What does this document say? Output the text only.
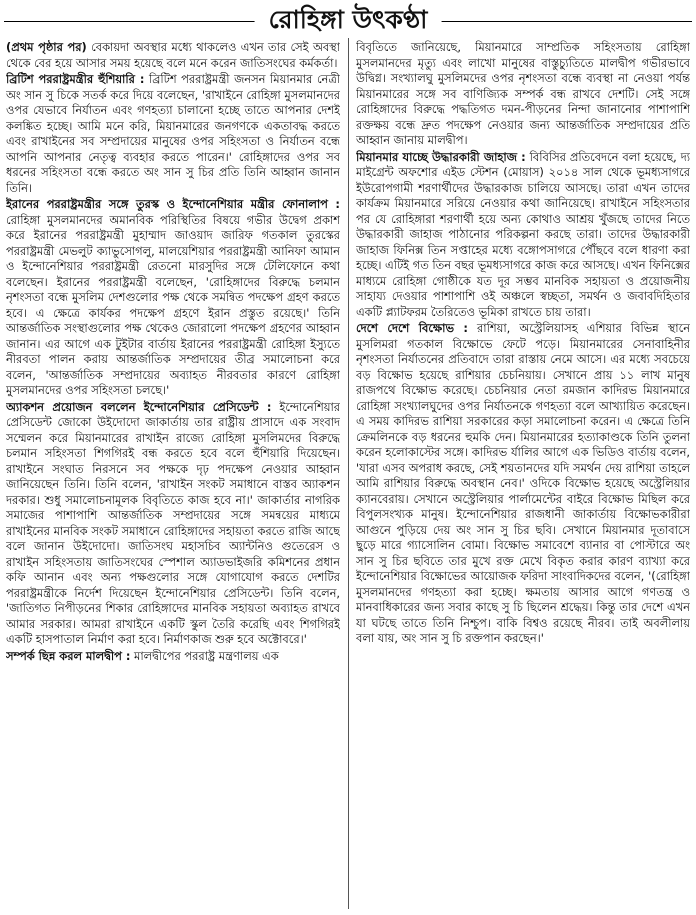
রোহিঙ্গা উৎকণ্ঠা

(প্রথম পৃষ্ঠার পর) বেকায়দা অবস্থার মধ্যে থাকলেও এখন তার সেই অবস্থা থেকে বের হয়ে আসার সময় হয়েছে বলে মনে করেন জাতিসংঘের কর্মকর্তা।

ব্রিটিশ পররাষ্ট্রমন্ত্রীর হুঁশিয়ারি : ব্রিটিশ পররাষ্ট্রমন্ত্রী জনসন মিয়ানমার নেত্রী অং সান সু চিকে সতর্ক করে দিয়ে বলেছেন, 'রাখাইনে রোহিঙ্গা মুসলমানদের ওপর যেভাবে নির্যাতন এবং গণহত্যা চালানো হচ্ছে তাতে আপনার দেশই কলঙ্কিত হচ্ছে। আমি মনে করি, মিয়ানমারের জনগণকে একতাবদ্ধ করতে এবং রাখাইনের সব সম্প্রদায়ের মানুষের ওপর সহিংসতা ও নির্যাতন বন্ধে আপনি আপনার নেতৃত্ব ব্যবহার করতে পারেন।' রোহিঙ্গাদের ওপর সব ধরনের সহিংসতা বন্ধে করতে অং সান সু চির প্রতি তিনি আহ্বান জানান তিনি।

ইরানের পররাষ্ট্রমন্ত্রীর সঙ্গে তুরস্ক ও ইন্দোনেশিয়ার মন্ত্রীর ফোনালাপ : রোহিঙ্গা মুসলমানদের অমানবিক পরিস্থিতির বিষয়ে গভীর উদ্বেগ প্রকাশ করে ইরানের পররাষ্ট্রমন্ত্রী মুহাম্মাদ জাওয়াদ জারিফ গতকাল তুরস্কের পররাষ্ট্রমন্ত্রী মেভলুট ক্যাভুসোগলু, মালয়েশিয়ার পররাষ্ট্রমন্ত্রী আনিফা আমান ও ইন্দোনেশিয়ার পররাষ্ট্রমন্ত্রী রেতনো মারসুদির সঙ্গে টেলিফোনে কথা বলেছেন। ইরানের পররাষ্ট্রমন্ত্রী বলেছেন, 'রোহিঙ্গাদের বিরুদ্ধে চলমান নৃশংসতা বন্ধে মুসলিম দেশগুলোর পক্ষ থেকে সমন্বিত পদক্ষেপ গ্রহণ করতে হবে। এ ক্ষেত্রে কার্যকর পদক্ষেপ গ্রহণে ইরান প্রস্তুত রয়েছে।' তিনি আন্তর্জাতিক সংস্থাগুলোর পক্ষ থেকেও জোরালো পদক্ষেপ গ্রহণের আহ্বান জানান। এর আগে এক টুইটার বার্তায় ইরানের পররাষ্ট্রমন্ত্রী রোহিঙ্গা ইস্যুতে নীরবতা পালন করায় আন্তর্জাতিক সম্প্রদায়ের তীব্র সমালোচনা করে বলেন, 'আন্তর্জাতিক সম্প্রদায়ের অব্যাহত নীরবতার কারণে রোহিঙ্গা মুসলমানদের ওপর সহিংসতা চলছে।'

অ্যাকশন প্রয়োজন বললেন ইন্দোনেশিয়ার প্রেসিডেন্ট : ইন্দোনেশিয়ার প্রেসিডেন্ট জোকো উইদোদো জাকার্তায় তার রাষ্ট্রীয় প্রাসাদে এক সংবাদ সম্মেলন করে মিয়ানমারের রাখাইন রাজ্যে রোহিঙ্গা মুসলিমদের বিরুদ্ধে চলমান সহিংসতা শিগগিরই বন্ধ করতে হবে বলে হুঁশিয়ারি দিয়েছেন। রাখাইনে সংঘাত নিরসনে সব পক্ষকে দৃঢ় পদক্ষেপ নেওয়ার আহ্বান জানিয়েছেন তিনি। তিনি বলেন, 'রাখাইন সংকট সমাধানে বাস্তব অ্যাকশন দরকার। শুধু সমালোচনামূলক বিবৃতিতে কাজ হবে না।' জাকার্তার নাগরিক সমাজের পাশাপাশি আন্তর্জাতিক সম্প্রদায়ের সঙ্গে সমন্বয়ের মাধ্যমে রাখাইনের মানবিক সংকট সমাধানে রোহিঙ্গাদের সহায়তা করতে রাজি আছে বলে জানান উইদোদো। জাতিসংঘ মহাসচিব অ্যান্টনিও গুতেরেস ও রাখাইন সহিংসতায় জাতিসংঘের স্পেশাল অ্যাডভাইজরি কমিশনের প্রধান কফি আনান এবং অন্য পক্ষগুলোর সঙ্গে যোগাযোগ করতে দেশটির পররাষ্ট্রমন্ত্রীকে নির্দেশ দিয়েছেন ইন্দোনেশিয়ার প্রেসিডেন্ট। তিনি বলেন, 'জাতিগত নিপীড়নের শিকার রোহিঙ্গাদের মানবিক সহায়তা অব্যাহত রাখবে আমার সরকার। আমরা রাখাইনে একটি স্কুল তৈরি করেছি এবং শিগগিরই একটি হাসপাতাল নির্মাণ করা হবে। নির্মাণকাজ শুরু হবে অক্টোবরে।'

সম্পর্ক ছিন্ন করল মালদ্বীপ : মালদ্বীপের পররাষ্ট্র মন্ত্রণালয় এক

বিবৃতিতে জানিয়েছে, মিয়ানমারে সাম্প্রতিক সহিংসতায় রোহিঙ্গা মুসলমানদের মৃত্যু এবং লাখো মানুষের বাস্তুচ্যুতিতে মালদ্বীপ গভীরভাবে উদ্বিগ্ন। সংখ্যালঘু মুসলিমদের ওপর নৃশংসতা বন্ধে ব্যবস্থা না নেওয়া পর্যন্ত মিয়ানমারের সঙ্গে সব বাণিজ্যিক সম্পর্ক বন্ধ রাখবে দেশটি। সেই সঙ্গে রোহিঙ্গাদের বিরুদ্ধে পদ্ধতিগত দমন-পীড়নের নিন্দা জানানোর পাশাপাশি রক্তক্ষয় বন্ধে দ্রুত পদক্ষেপ নেওয়ার জন্য আন্তর্জাতিক সম্প্রদায়ের প্রতি আহ্বান জানায় মালদ্বীপ।

মিয়ানমার যাচ্ছে উদ্ধারকারী জাহাজ : বিবিসির প্রতিবেদনে বলা হয়েছে, দ্য মাইগ্রেন্ট অফশোর এইড স্টেশন (মোয়াস) ২০১৪ সাল থেকে ভূমধ্যসাগরে ইউরোপগামী শরণার্থীদের উদ্ধারকাজ চালিয়ে আসছে। তারা এখন তাদের কার্যক্রম মিয়ানমারে সরিয়ে নেওয়ার কথা জানিয়েছে। রাখাইনে সহিংসতার পর যে রোহিঙ্গারা শরণার্থী হয়ে অন্য কোথাও আশ্রয় খুঁজছে তাদের নিতে উদ্ধারকারী জাহাজ পাঠানোর পরিকল্পনা করছে তারা। তাদের উদ্ধারকারী জাহাজ ফিনিক্স তিন সপ্তাহের মধ্যে বঙ্গোপসাগরে পৌঁছবে বলে ধারণা করা হচ্ছে। এটিই গত তিন বছর ভূমধ্যসাগরে কাজ করে আসছে। এখন ফিনিক্সের মাধ্যমে রোহিঙ্গা গোষ্ঠীকে যত দূর সম্ভব মানবিক সহায়তা ও প্রয়োজনীয় সাহায্য দেওয়ার পাশাপাশি ওই অঞ্চলে স্বচ্ছতা, সমর্থন ও জবাবদিহিতার একটি প্ল্যাটফরম তৈরিতেও ভূমিকা রাখতে চায় তারা।

দেশে দেশে বিক্ষোভ : রাশিয়া, অস্ট্রেলিয়াসহ এশিয়ার বিভিন্ন স্থানে মুসলিমরা গতকাল বিক্ষোভে ফেটে পড়ে। মিয়ানমারের সেনাবাহিনীর নৃশংসতা নির্যাতনের প্রতিবাদে তারা রাস্তায় নেমে আসে। এর মধ্যে সবচেয়ে বড় বিক্ষোভ হয়েছে রাশিয়ার চেচনিয়ায়। সেখানে প্রায় ১১ লাখ মানুষ রাজপথে বিক্ষোভ করেছে। চেচনিয়ার নেতা রমজান কাদিরভ মিয়ানমারে রোহিঙ্গা সংখ্যালঘুদের ওপর নির্যাতনকে গণহত্যা বলে আখ্যায়িত করেছেন। এ সময় কাদিরভ রাশিয়া সরকারের কড়া সমালোচনা করেন। এ ক্ষেত্রে তিনি ক্রেমলিনকে বড় ধরনের হুমকি দেন। মিয়ানমারের হত্যাকাণ্ডকে তিনি তুলনা করেন হলোকাস্টের সঙ্গে। কাদিরভ র্যালির আগে এক ভিডিও বার্তায় বলেন, 'যারা এসব অপরাধ করছে, সেই শয়তানদের যদি সমর্থন দেয় রাশিয়া তাহলে আমি রাশিয়ার বিরুদ্ধে অবস্থান নেব।' ওদিকে বিক্ষোভ হয়েছে অস্ট্রেলিয়ার ক্যানবেরায়। সেখানে অস্ট্রেলিয়ার পার্লামেন্টের বাইরে বিক্ষোভ মিছিল করে বিপুলসংখ্যক মানুষ। ইন্দোনেশিয়ার রাজধানী জাকার্তায় বিক্ষোভকারীরা আগুনে পুড়িয়ে দেয় অং সান সু চির ছবি। সেখানে মিয়ানমার দূতাবাসে ছুড়ে মারে গ্যাসোলিন বোমা। বিক্ষোভ সমাবেশে ব্যানার বা পোস্টারে অং সান সু চির ছবিতে তার মুখে রক্ত মেখে বিকৃত করার কারণ ব্যাখ্যা করে ইন্দোনেশিয়ার বিক্ষোভের আয়োজক ফরিদা সাংবাদিকদের বলেন, '(রোহিঙ্গা মুসলমানদের গণহত্যা করা হচ্ছে। ক্ষমতায় আসার আগে গণতন্ত্র ও মানবাধিকারের জন্য সবার কাছে সু চি ছিলেন শ্রদ্ধেয়। কিন্তু তার দেশে এখন যা ঘটছে তাতে তিনি নিশ্চুপ। বাকি বিশ্বও রয়েছে নীরব। তাই অবলীলায় বলা যায়, অং সান সু চি রক্তপান করছেন।'
